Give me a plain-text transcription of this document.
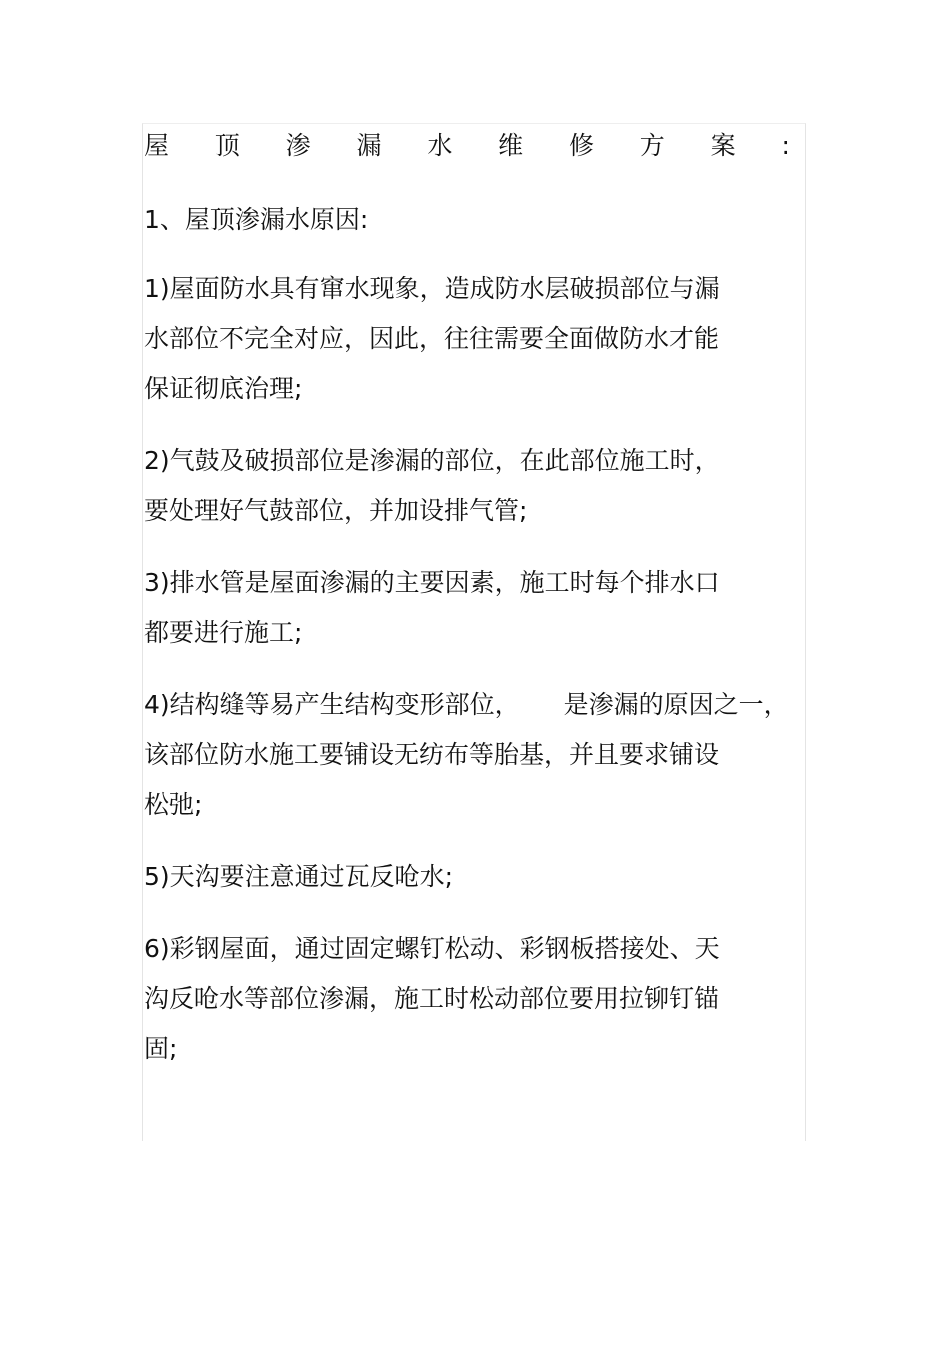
屋 顶 渗 漏 水 维 修 方 案 :

1、屋顶渗漏水原因:

1)屋面防水具有窜水现象，造成防水层破损部位与漏
水部位不完全对应，因此，往往需要全面做防水才能
保证彻底治理;
2)气鼓及破损部位是渗漏的部位，在此部位施工时，
要处理好气鼓部位，并加设排气管;
3)排水管是屋面渗漏的主要因素，施工时每个排水口
都要进行施工;
4)结构缝等易产生结构变形部位， 是渗漏的原因之一，
该部位防水施工要铺设无纺布等胎基，并且要求铺设
松弛;
5)天沟要注意通过瓦反呛水;
6)彩钢屋面，通过固定螺钉松动、彩钢板搭接处、天
沟反呛水等部位渗漏，施工时松动部位要用拉铆钉锚
固;
